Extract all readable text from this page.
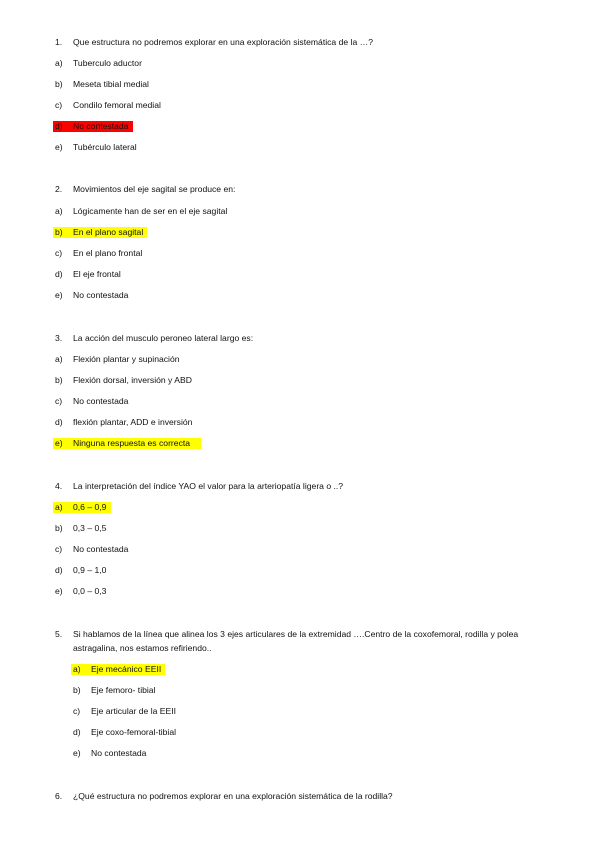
1. Que estructura no podremos explorar en una exploración sistemática de la …?
a) Tuberculo aductor
b) Meseta tibial medial
c) Condilo femoral medial
d) No contestada

e) Tubérculo lateral
2. Movimientos del eje sagital se produce en:
a) Lógicamente han de ser en el eje sagital
b) En el plano sagital

c) En el plano frontal
d) El eje frontal
e) No contestada
3. La acción del musculo peroneo lateral largo es:
a) Flexión plantar y supinación
b) Flexión dorsal, inversión y ABD
c) No contestada
d) flexión plantar, ADD e inversión
e) Ninguna respuesta es correcta

4. La interpretación del índice YAO el valor para la arteriopatía ligera o ..?
a) 0,6 – 0,9

b) 0,3 – 0,5
c) No contestada
d) 0,9 – 1,0
e) 0,0 – 0,3
5. Si hablamos de la línea que alinea los 3 ejes articulares de la extremidad ….Centro de la coxofemoral, rodilla y polea
astragalina, nos estamos refiriendo..
a) Eje mecánico EEII

b) Eje femoro- tibial
c) Eje articular de la EEII
d) Eje coxo-femoral-tibial
e) No contestada
6. ¿Qué estructura no podremos explorar en una exploración sistemática de la rodilla?
